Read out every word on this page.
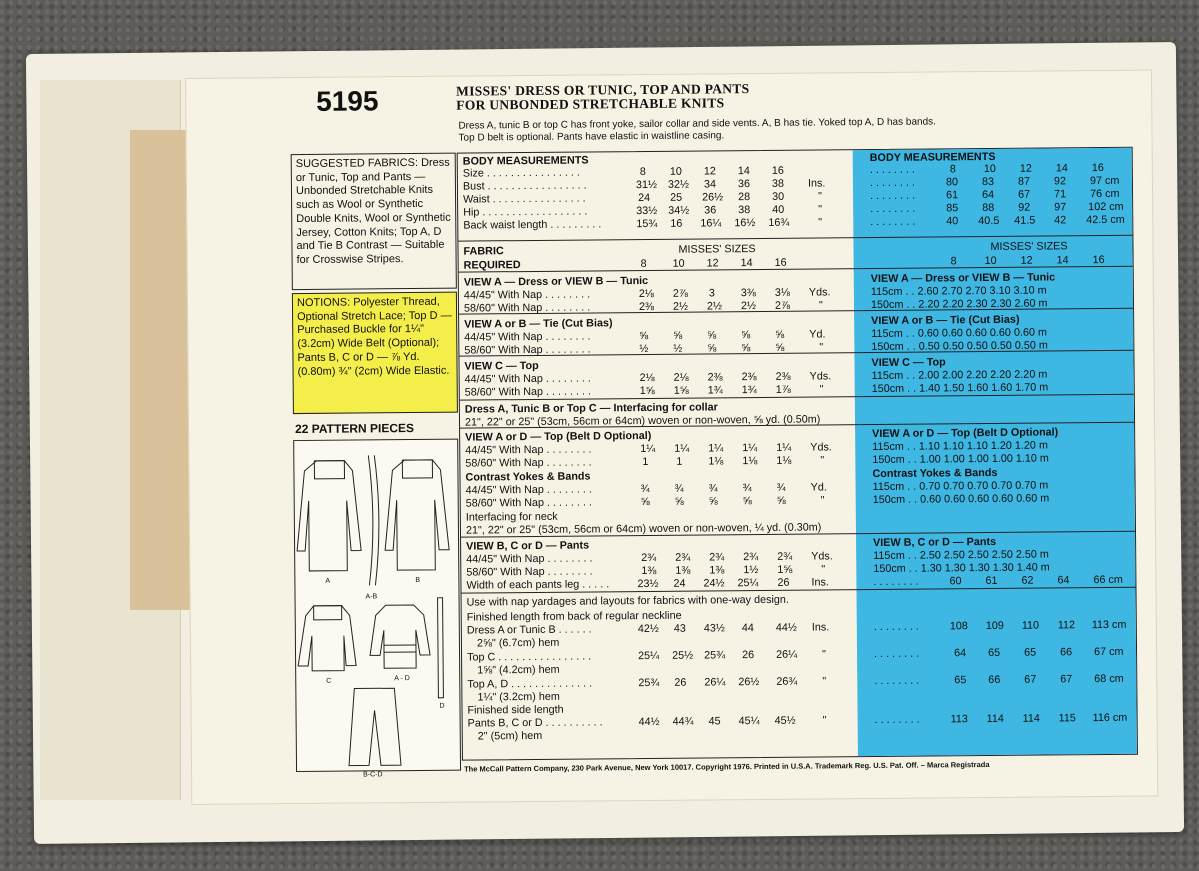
5195	MISSES' DRESS OR TUNIC, TOP AND PANTS
FOR UNBONDED STRETCHABLE KNITS
Dress A, tunic B or top C has front yoke, sailor collar and side vents. A, B has tie. Yoked top A, D has bands.
Top D belt is optional. Pants have elastic in waistline casing.
SUGGESTED FABRICS: Dress or Tunic, Top and Pants — Unbonded Stretchable Knits such as Wool or Synthetic Double Knits, Wool or Synthetic Jersey, Cotton Knits; Top A, D and Tie B Contrast — Suitable for Crosswise Stripes.
NOTIONS: Polyester Thread, Optional Stretch Lace; Top D — Purchased Buckle for 1¼" (3.2cm) Wide Belt (Optional); Pants B, C or D — ⅞ Yd. (0.80m) ¾" (2cm) Wide Elastic.
22 PATTERN PIECES
A
A-B
B
C	A - D
D
B-C-D
BODY MEASUREMENTS	BODY MEASUREMENTS
Size . . . . . . . . . . . . . . . .	8 10 12 14 16	. . . . . . . .	8	10 12 14 16
Bust . . . . . . . . . . . . . . . . .	31½ 32½ 34 36 38 Ins.	. . . . . . . .	80 83 87 92 97 cm
Waist . . . . . . . . . . . . . . . .	24 25 26½ 28 30	"	. . . . . . . .	61 64 67 71 76 cm
Hip . . . . . . . . . . . . . . . . . .	33½ 34½ 36 38 40	"	. . . . . . . .	85 88 92 97 102 cm
Back waist length . . . . . . . . .	15¾ 16 16¼ 16½ 16¾	"	. . . . . . . .	40 40.5 41.5 42 42.5 cm
FABRIC	MISSES' SIZES	MISSES' SIZES
REQUIRED	8 10 12 14 16	8	10 12 14 16
VIEW A — Dress or VIEW B — Tunic	VIEW A — Dress or VIEW B — Tunic
44/45" With Nap . . . . . . . .	2⅛ 2⅞ 3 3⅜ 3⅛ Yds.	115cm . . 2.60 2.70 2.70 3.10 3.10 m
58/60" With Nap . . . . . . . .	2⅜ 2½ 2½ 2½ 2⅞	"	150cm . . 2.20 2.20 2.30 2.30 2.60 m
VIEW A or B — Tie (Cut Bias)	VIEW A or B — Tie (Cut Bias)
44/45" With Nap . . . . . . . .	⅝ ⅝ ⅝ ⅝ ⅝ Yd.	115cm . . 0.60 0.60 0.60 0.60 0.60 m
58/60" With Nap . . . . . . . .	½ ½ ⅝ ⅝ ⅝	"	150cm . . 0.50 0.50 0.50 0.50 0.50 m
VIEW C — Top	VIEW C — Top
44/45" With Nap . . . . . . . .	2⅛ 2⅛ 2⅜ 2⅜ 2⅜ Yds.	115cm . . 2.00 2.00 2.20 2.20 2.20 m
58/60" With Nap . . . . . . . .	1⅝ 1⅝ 1¾ 1¾ 1⅞	"	150cm . . 1.40 1.50 1.60 1.60 1.70 m
Dress A, Tunic B or Top C — Interfacing for collar
21", 22" or 25" (53cm, 56cm or 64cm) woven or non-woven, ⅝ yd. (0.50m)
VIEW A or D — Top (Belt D Optional)	VIEW A or D — Top (Belt D Optional)
44/45" With Nap . . . . . . . .	1¼ 1¼ 1¼ 1¼ 1¼ Yds.	115cm . . 1.10 1.10 1.10 1.20 1.20 m
58/60" With Nap . . . . . . . .	1	1 1⅛ 1⅛ 1⅛	"	150cm . . 1.00 1.00 1.00 1.00 1.10 m
Contrast Yokes & Bands	Contrast Yokes & Bands
44/45" With Nap . . . . . . . .	¾ ¾ ¾ ¾ ¾ Yd.	115cm . . 0.70 0.70 0.70 0.70 0.70 m
58/60" With Nap . . . . . . . .	⅝ ⅝ ⅝ ⅝ ⅝	"	150cm . . 0.60 0.60 0.60 0.60 0.60 m
Interfacing for neck
21", 22" or 25" (53cm, 56cm or 64cm) woven or non-woven, ¼ yd. (0.30m)
VIEW B, C or D — Pants	VIEW B, C or D — Pants
44/45" With Nap . . . . . . . .	2¾ 2¾ 2¾ 2¾ 2¾ Yds.	115cm . . 2.50 2.50 2.50 2.50 2.50 m
58/60" With Nap . . . . . . . .	1⅜ 1⅜ 1⅜ 1½ 1⅝	"	150cm . . 1.30 1.30 1.30 1.30 1.40 m
Width of each pants leg . . . . .	23½ 24 24½ 25¼ 26 Ins.	. . . . . . . .	60 61 62 64 66 cm
Use with nap yardages and layouts for fabrics with one-way design.
Finished length from back of regular neckline
Dress A or Tunic B . . . . . .	42½ 43 43½ 44 44½ Ins.	. . . . . . . .	108 109 110 112 113 cm
2⅝" (6.7cm) hem
Top C . . . . . . . . . . . . . . . .	25¼ 25½ 25¾ 26 26¼ "	. . . . . . . .	64 65 65 66 67 cm
1⅝" (4.2cm) hem
Top A, D . . . . . . . . . . . . . .	25¾ 26 26¼ 26½ 26¾ "	. . . . . . . .	65 66 67 67 68 cm
1¼" (3.2cm) hem
Finished side length
Pants B, C or D . . . . . . . . . .	44½ 44¾ 45 45¼ 45½ "	. . . . . . . .	113 114 114 115 116 cm
2" (5cm) hem
The McCall Pattern Company, 230 Park Avenue, New York 10017. Copyright 1976. Printed in U.S.A. Trademark Reg. U.S. Pat. Off. – Marca Registrada
